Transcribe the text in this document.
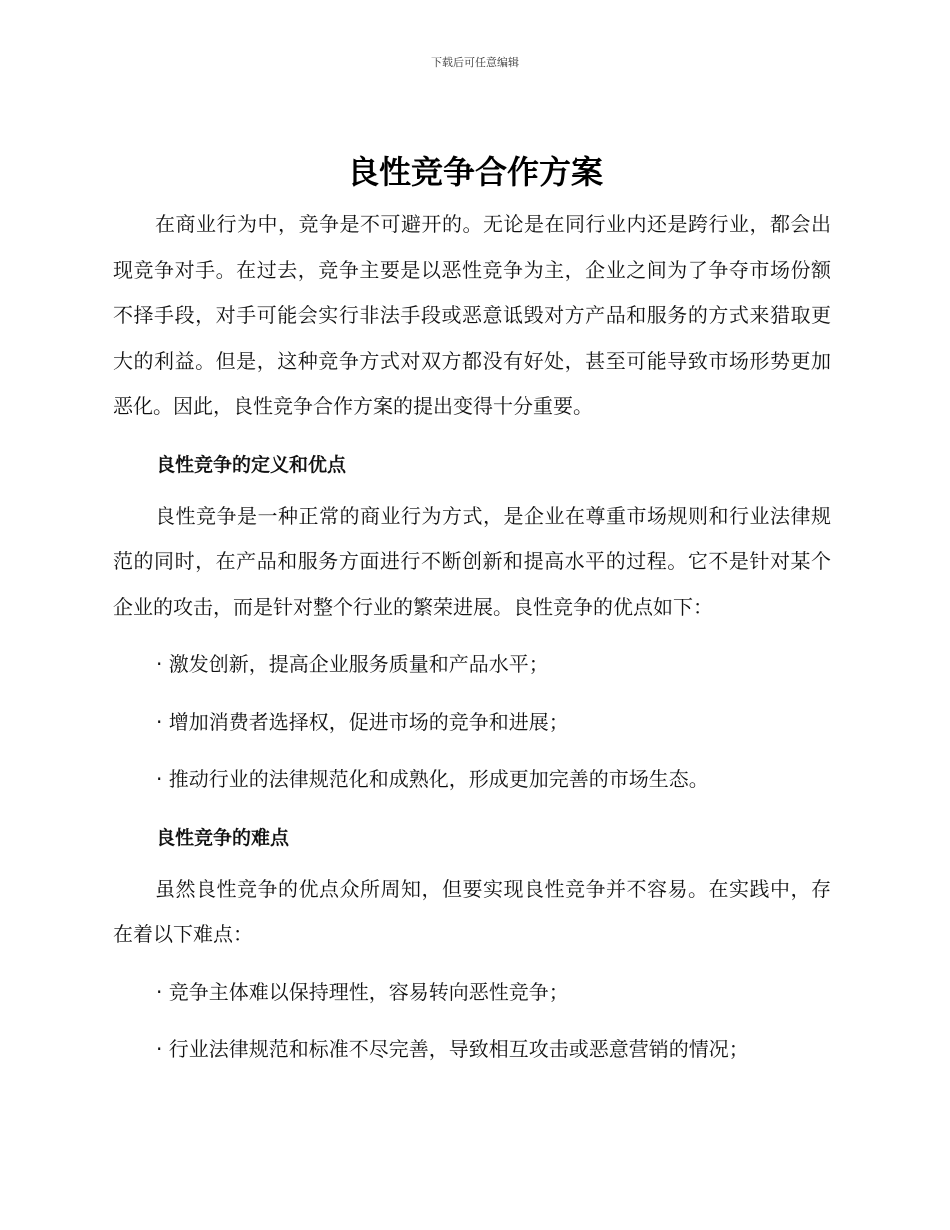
下载后可任意编辑
良性竞争合作方案

在商业行为中，竞争是不可避开的。无论是在同行业内还是跨行业，都会出现竞争对手。在过去，竞争主要是以恶性竞争为主，企业之间为了争夺市场份额不择手段，对手可能会实行非法手段或恶意诋毁对方产品和服务的方式来猎取更大的利益。但是，这种竞争方式对双方都没有好处，甚至可能导致市场形势更加恶化。因此，良性竞争合作方案的提出变得十分重要。

良性竞争的定义和优点

良性竞争是一种正常的商业行为方式，是企业在尊重市场规则和行业法律规范的同时，在产品和服务方面进行不断创新和提高水平的过程。它不是针对某个企业的攻击，而是针对整个行业的繁荣进展。良性竞争的优点如下：

· 激发创新，提高企业服务质量和产品水平；

· 增加消费者选择权，促进市场的竞争和进展；

· 推动行业的法律规范化和成熟化，形成更加完善的市场生态。

良性竞争的难点

虽然良性竞争的优点众所周知，但要实现良性竞争并不容易。在实践中，存在着以下难点：

· 竞争主体难以保持理性，容易转向恶性竞争；

· 行业法律规范和标准不尽完善，导致相互攻击或恶意营销的情况；
